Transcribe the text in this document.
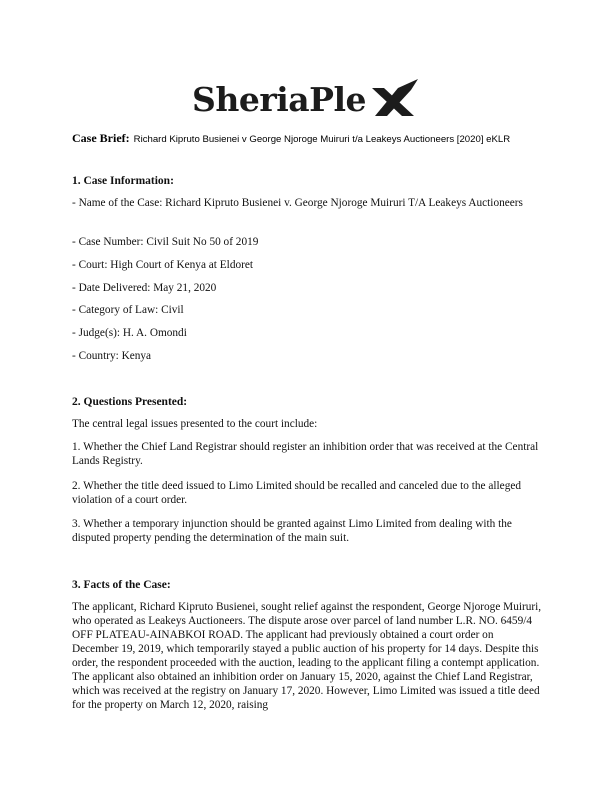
SheriaPle
Case Brief: Richard Kipruto Busienei v George Njoroge Muiruri t/a Leakeys Auctioneers [2020] eKLR
1. Case Information:
- Name of the Case: Richard Kipruto Busienei v. George Njoroge Muiruri T/A Leakeys Auctioneers
- Case Number: Civil Suit No 50 of 2019
- Court: High Court of Kenya at Eldoret
- Date Delivered: May 21, 2020
- Category of Law: Civil
- Judge(s): H. A. Omondi
- Country: Kenya
2. Questions Presented:
The central legal issues presented to the court include:
1. Whether the Chief Land Registrar should register an inhibition order that was received at the Central Lands Registry.
2. Whether the title deed issued to Limo Limited should be recalled and canceled due to the alleged violation of a court order.
3. Whether a temporary injunction should be granted against Limo Limited from dealing with the disputed property pending the determination of the main suit.
3. Facts of the Case:
The applicant, Richard Kipruto Busienei, sought relief against the respondent, George Njoroge Muiruri, who operated as Leakeys Auctioneers. The dispute arose over parcel of land number L.R. NO. 6459/4 OFF PLATEAU-AINABKOI ROAD. The applicant had previously obtained a court order on December 19, 2019, which temporarily stayed a public auction of his property for 14 days. Despite this order, the respondent proceeded with the auction, leading to the applicant filing a contempt application. The applicant also obtained an inhibition order on January 15, 2020, against the Chief Land Registrar, which was received at the registry on January 17, 2020. However, Limo Limited was issued a title deed for the property on March 12, 2020, raising
